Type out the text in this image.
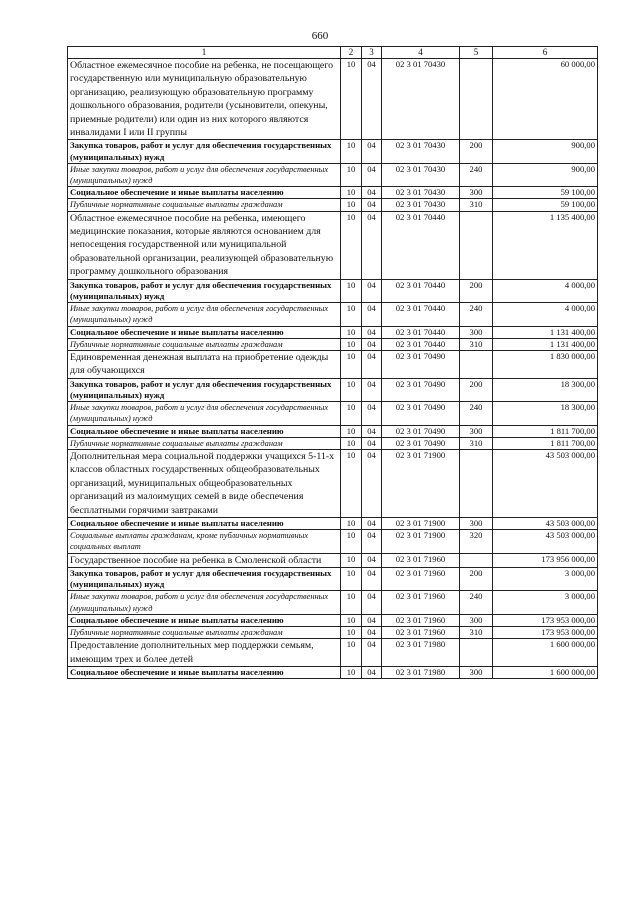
660
1	2	3	4	5	6
Областное ежемесячное пособие на ребенка, не посещающего государственную или муниципальную образовательную организацию, реализующую образовательную программу дошкольного образования, родители (усыновители, опекуны, приемные родители) или один из них которого являются инвалидами I или II группы	10	04	02 3 01 70430		60 000,00
Закупка товаров, работ и услуг для обеспечения государственных (муниципальных) нужд	10	04	02 3 01 70430	200	900,00
Иные закупки товаров, работ и услуг для обеспечения государственных (муниципальных) нужд	10	04	02 3 01 70430	240	900,00
Социальное обеспечение и иные выплаты населению	10	04	02 3 01 70430	300	59 100,00
Публичные нормативные социальные выплаты гражданам	10	04	02 3 01 70430	310	59 100,00
Областное ежемесячное пособие на ребенка, имеющего медицинские показания, которые являются основанием для непосещения государственной или муниципальной образовательной организации, реализующей образовательную программу дошкольного образования	10	04	02 3 01 70440		1 135 400,00
Закупка товаров, работ и услуг для обеспечения государственных (муниципальных) нужд	10	04	02 3 01 70440	200	4 000,00
Иные закупки товаров, работ и услуг для обеспечения государственных (муниципальных) нужд	10	04	02 3 01 70440	240	4 000,00
Социальное обеспечение и иные выплаты населению	10	04	02 3 01 70440	300	1 131 400,00
Публичные нормативные социальные выплаты гражданам	10	04	02 3 01 70440	310	1 131 400,00
Единовременная денежная выплата на приобретение одежды для обучающихся	10	04	02 3 01 70490		1 830 000,00
Закупка товаров, работ и услуг для обеспечения государственных (муниципальных) нужд	10	04	02 3 01 70490	200	18 300,00
Иные закупки товаров, работ и услуг для обеспечения государственных (муниципальных) нужд	10	04	02 3 01 70490	240	18 300,00
Социальное обеспечение и иные выплаты населению	10	04	02 3 01 70490	300	1 811 700,00
Публичные нормативные социальные выплаты гражданам	10	04	02 3 01 70490	310	1 811 700,00
Дополнительная мера социальной поддержки учащихся 5-11-х классов областных государственных общеобразовательных организаций, муниципальных общеобразовательных организаций из малоимущих семей в виде обеспечения бесплатными горячими завтраками	10	04	02 3 01 71900		43 503 000,00
Социальное обеспечение и иные выплаты населению	10	04	02 3 01 71900	300	43 503 000,00
Социальные выплаты гражданам, кроме публичных нормативных социальных выплат	10	04	02 3 01 71900	320	43 503 000,00
Государственное пособие на ребенка в Смоленской области	10	04	02 3 01 71960		173 956 000,00
Закупка товаров, работ и услуг для обеспечения государственных (муниципальных) нужд	10	04	02 3 01 71960	200	3 000,00
Иные закупки товаров, работ и услуг для обеспечения государственных (муниципальных) нужд	10	04	02 3 01 71960	240	3 000,00
Социальное обеспечение и иные выплаты населению	10	04	02 3 01 71960	300	173 953 000,00
Публичные нормативные социальные выплаты гражданам	10	04	02 3 01 71960	310	173 953 000,00
Предоставление дополнительных мер поддержки семьям, имеющим трех и более детей	10	04	02 3 01 71980		1 600 000,00
Социальное обеспечение и иные выплаты населению	10	04	02 3 01 71980	300	1 600 000,00
